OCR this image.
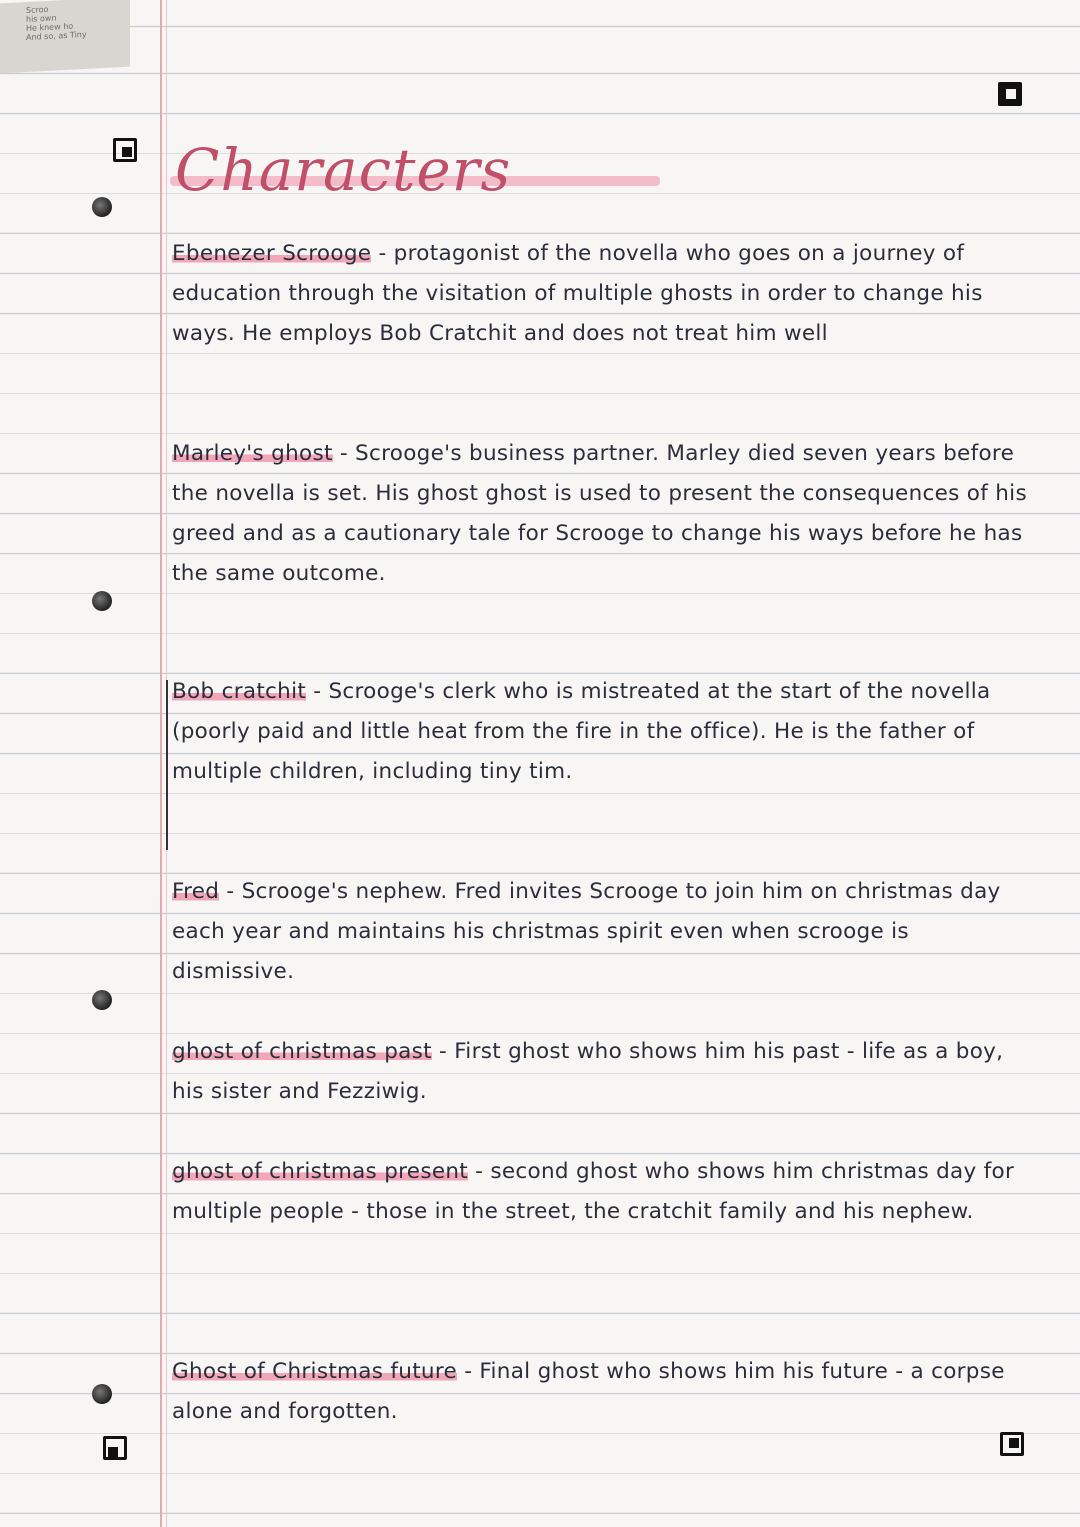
Scroo
his own
He knew ho
And so, as Tiny
Characters

Ebenezer Scrooge - protagonist of the novella who goes on a journey of education through the visitation of multiple ghosts in order to change his ways. He employs Bob Cratchit and does not treat him well

Marley's ghost - Scrooge's business partner. Marley died seven years before the novella is set. His ghost ghost is used to present the consequences of his greed and as a cautionary tale for Scrooge to change his ways before he has the same outcome.

Bob cratchit - Scrooge's clerk who is mistreated at the start of the novella (poorly paid and little heat from the fire in the office). He is the father of multiple children, including tiny tim.

Fred - Scrooge's nephew. Fred invites Scrooge to join him on christmas day each year and maintains his christmas spirit even when scrooge is dismissive.

ghost of christmas past - First ghost who shows him his past - life as a boy, his sister and Fezziwig.

ghost of christmas present - second ghost who shows him christmas day for multiple people - those in the street, the cratchit family and his nephew.

Ghost of Christmas future - Final ghost who shows him his future - a corpse alone and forgotten.
